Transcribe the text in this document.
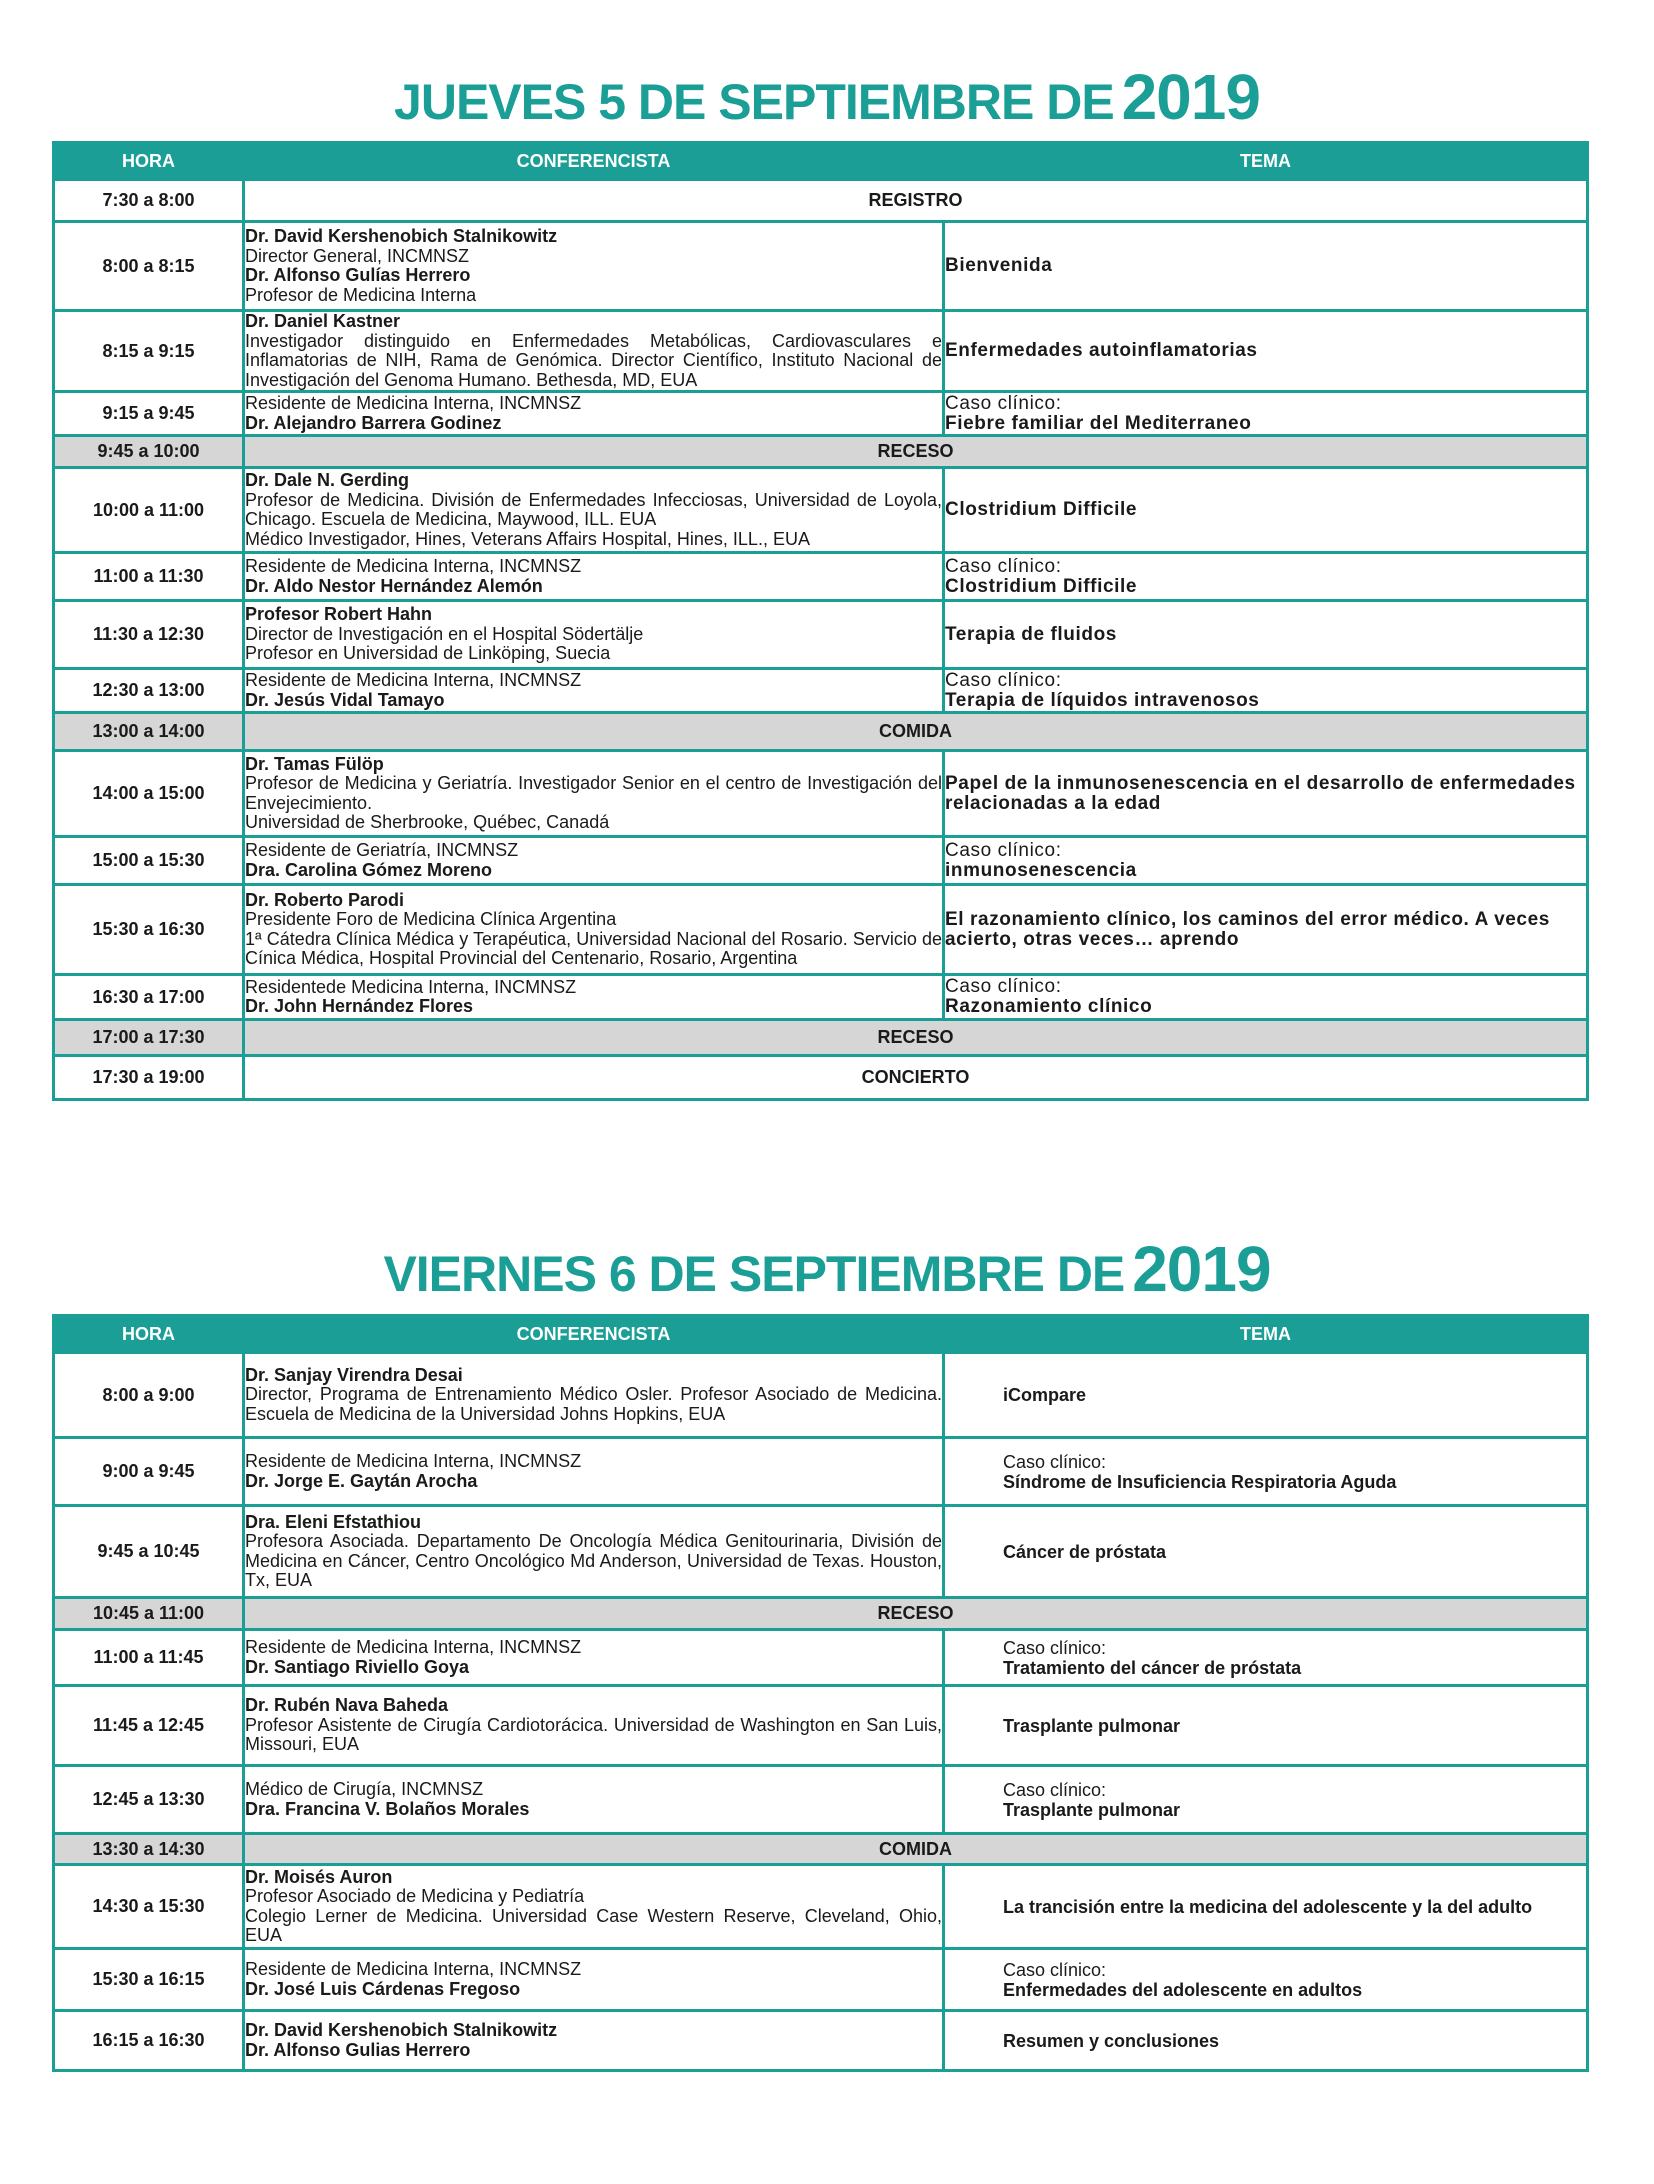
JUEVES 5 DE SEPTIEMBRE DE 2019
HORA	CONFERENCISTA	TEMA
7:30 a 8:00	REGISTRO	
8:00 a 8:15	Dr. David Kershenobich Stalnikowitz
Director General, INCMNSZ
Dr. Alfonso Gulías Herrero
Profesor de Medicina Interna	Bienvenida

8:15 a 9:15	Dr. Daniel Kastner
Investigador distinguido en Enfermedades Metabólicas, Cardiovasculares e Inflamatorias de NIH, Rama de Genómica. Director Científico, Instituto Nacional de Investigación del Genoma Humano. Bethesda, MD, EUA	Enfermedades autoinflamatorias

9:15 a 9:45	Residente de Medicina Interna, INCMNSZ
Dr. Alejandro Barrera Godinez	Caso clínico:
Fiebre familiar del Mediterraneo

9:45 a 10:00	RECESO	
10:00 a 11:00	Dr. Dale N. Gerding
Profesor de Medicina. División de Enfermedades Infecciosas, Universidad de Loyola, Chicago. Escuela de Medicina, Maywood, ILL. EUA
Médico Investigador, Hines, Veterans Affairs Hospital, Hines, ILL., EUA	Clostridium Difficile

11:00 a 11:30	Residente de Medicina Interna, INCMNSZ
Dr. Aldo Nestor Hernández Alemón	Caso clínico:
Clostridium Difficile

11:30 a 12:30	Profesor Robert Hahn
Director de Investigación en el Hospital Södertälje
Profesor en Universidad de Linköping, Suecia	Terapia de fluidos

12:30 a 13:00	Residente de Medicina Interna, INCMNSZ
Dr. Jesús Vidal Tamayo	Caso clínico:
Terapia de líquidos intravenosos

13:00 a 14:00	COMIDA	
14:00 a 15:00	Dr. Tamas Fülöp
Profesor de Medicina y Geriatría. Investigador Senior en el centro de Investigación del Envejecimiento.
Universidad de Sherbrooke, Québec, Canadá	Papel de la inmunosenescencia en el desarrollo de enfermedades relacionadas a la edad

15:00 a 15:30	Residente de Geriatría, INCMNSZ
Dra. Carolina Gómez Moreno	Caso clínico:
inmunosenescencia

15:30 a 16:30	Dr. Roberto Parodi
Presidente Foro de Medicina Clínica Argentina
1ª Cátedra Clínica Médica y Terapéutica, Universidad Nacional del Rosario. Servicio de Cínica Médica, Hospital Provincial del Centenario, Rosario, Argentina	El razonamiento clínico, los caminos del error médico. A veces acierto, otras veces… aprendo

16:30 a 17:00	Residentede Medicina Interna, INCMNSZ
Dr. John Hernández Flores	Caso clínico:
Razonamiento clínico

17:00 a 17:30	RECESO	
17:30 a 19:00	CONCIERTO	
VIERNES 6 DE SEPTIEMBRE DE 2019
HORA	CONFERENCISTA	TEMA
8:00 a 9:00	Dr. Sanjay Virendra Desai
Director, Programa de Entrenamiento Médico Osler. Profesor Asociado de Medicina. Escuela de Medicina de la Universidad Johns Hopkins, EUA	iCompare

9:00 a 9:45	Residente de Medicina Interna, INCMNSZ
Dr. Jorge E. Gaytán Arocha	Caso clínico:
Síndrome de Insuficiencia Respiratoria Aguda

9:45 a 10:45	Dra. Eleni Efstathiou
Profesora Asociada. Departamento De Oncología Médica Genitourinaria, División de Medicina en Cáncer, Centro Oncológico Md Anderson, Universidad de Texas. Houston, Tx, EUA	Cáncer de próstata

10:45 a 11:00	RECESO	
11:00 a 11:45	Residente de Medicina Interna, INCMNSZ
Dr. Santiago Riviello Goya	Caso clínico:
Tratamiento del cáncer de próstata

11:45 a 12:45	Dr. Rubén Nava Baheda
Profesor Asistente de Cirugía Cardiotorácica. Universidad de Washington en San Luis, Missouri, EUA	Trasplante pulmonar

12:45 a 13:30	Médico de Cirugía, INCMNSZ
Dra. Francina V. Bolaños Morales	Caso clínico:
Trasplante pulmonar

13:30 a 14:30	COMIDA	
14:30 a 15:30	Dr. Moisés Auron
Profesor Asociado de Medicina y Pediatría
Colegio Lerner de Medicina. Universidad Case Western Reserve, Cleveland, Ohio, EUA	La trancisión entre la medicina del adolescente y la del adulto

15:30 a 16:15	Residente de Medicina Interna, INCMNSZ
Dr. José Luis Cárdenas Fregoso	Caso clínico:
Enfermedades del adolescente en adultos

16:15 a 16:30	Dr. David Kershenobich Stalnikowitz
Dr. Alfonso Gulias Herrero	Resumen y conclusiones
